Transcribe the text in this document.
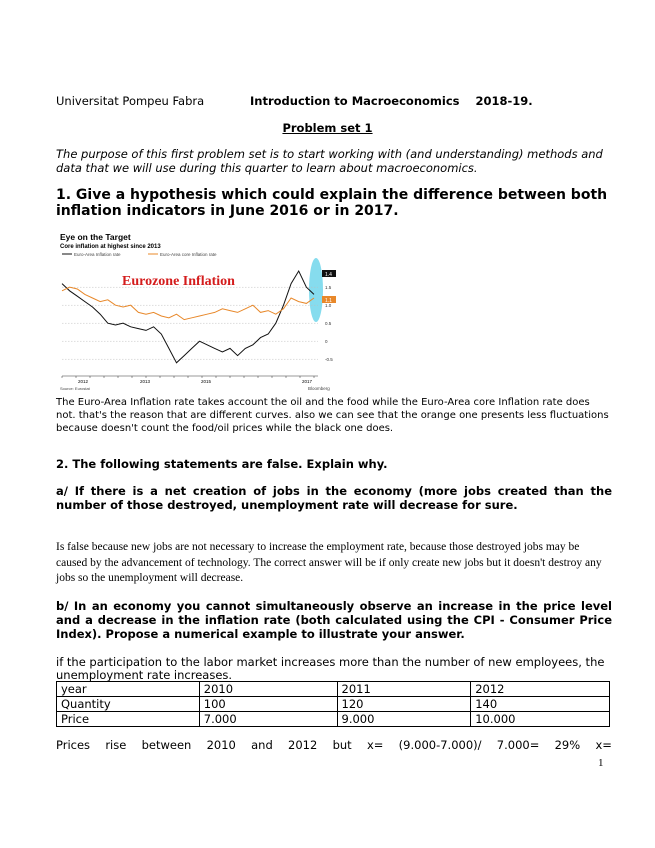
Universitat Pompeu Fabra	Introduction to Macroeconomics 2018-19.
Problem set 1
The purpose of this first problem set is to start working with (and understanding) methods and data that we will use during this quarter to learn about macroeconomics.
1. Give a hypothesis which could explain the difference between both inflation indicators in June 2016 or in 2017.
Eye on the Target
Core inflation at highest since 2013
Euro-Area Inflation rate	Euro-Area core Inflation rate
Eurozone Inflation	1.5
1.0
0.5
0
-0.5
1.4
1.1
2012	2013	2015	2017
Source: Eurostat	Bloomberg
The Euro-Area Inflation rate takes account the oil and the food while the Euro-Area core Inflation rate does not. that's the reason that are different curves. also we can see that the orange one presents less fluctuations because doesn't count the food/oil prices while the black one does.
2. The following statements are false. Explain why.
a/ If there is a net creation of jobs in the economy (more jobs created than the number of those destroyed, unemployment rate will decrease for sure.
Is false because new jobs are not necessary to increase the employment rate, because those destroyed jobs may be caused by the advancement of technology. The correct answer will be if only create new jobs but it doesn't destroy any jobs so the unemployment will decrease.
b/ In an economy you cannot simultaneously observe an increase in the price level and a decrease in the inflation rate (both calculated using the CPI - Consumer Price Index). Propose a numerical example to illustrate your answer.
if the participation to the labor market increases more than the number of new employees, the unemployment rate increases.
year	2010	2011	2012
Quantity	100	120	140
Price	7.000	9.000	10.000
Prices rise between 2010 and 2012 but x= (9.000-7.000)/ 7.000= 29% x=
1
